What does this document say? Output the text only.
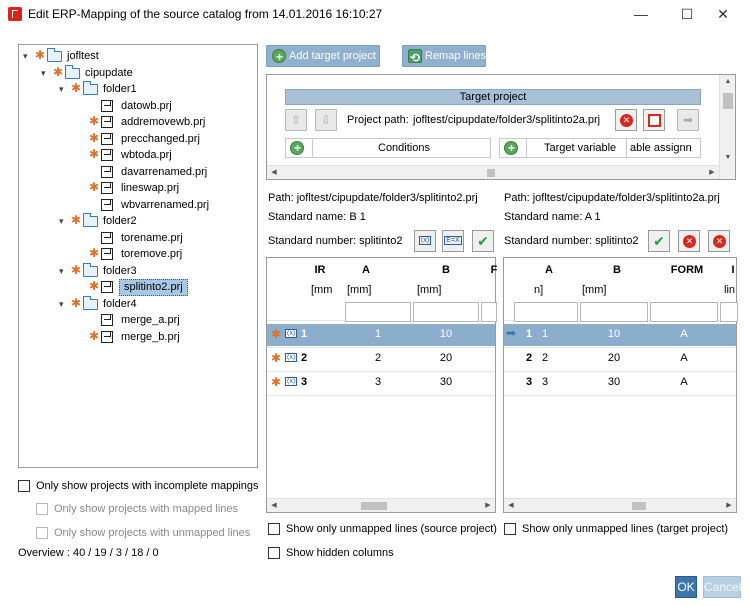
Edit ERP-Mapping of the source catalog from 14.01.2016 16:10:27	—	☐	✕
▾ ✱ jofltest
▾ ✱ cipupdate
▾ ✱ folder1
datowb.prj
✱ addremovewb.prj
✱ precchanged.prj
✱ wbtoda.prj
davarrenamed.prj
✱ lineswap.prj
wbvarrenamed.prj
▾ ✱ folder2
torename.prj
✱ toremove.prj
▾ ✱ folder3
✱	splitinto2.prj
▾ ✱ folder4
merge_a.prj
✱ merge_b.prj
Only show projects with incomplete mappings
Only show projects with mapped lines
Only show projects with unmapped lines
Overview : 40 / 19 / 3 / 18 / 0
+
Add target project ⟲	Remap lines
Target project
⇧	⇩	Project path: jofltest/cipupdate/folder3/splitinto2a.prj	✕	➡
+
Conditions +	Target variable able assignn
▲
▼
◀	▶
Path: jofltest/cipupdate/folder3/splitinto2.prj
Standard name: B 1
Standard number: splitinto2	(x)	E=X	✔
Path: jofltest/cipupdate/folder3/splitinto2a.prj
Standard name: A 1
Standard number: splitinto2	✔	✕	✕
IR	A	B	F
[mm [mm]	[mm]
✱ (x) 1	1	10
✱ (x) 2	2	20
✱ (x) 3	3	30
◀	▶
A	B	FORM	I
n]	[mm]	lin
➡ 1 1	10	A
2 2	20	A
3 3	30	A
◀	▶
Show only unmapped lines (source project) Show only unmapped lines (target project)
Show hidden columns
OK Cancel
